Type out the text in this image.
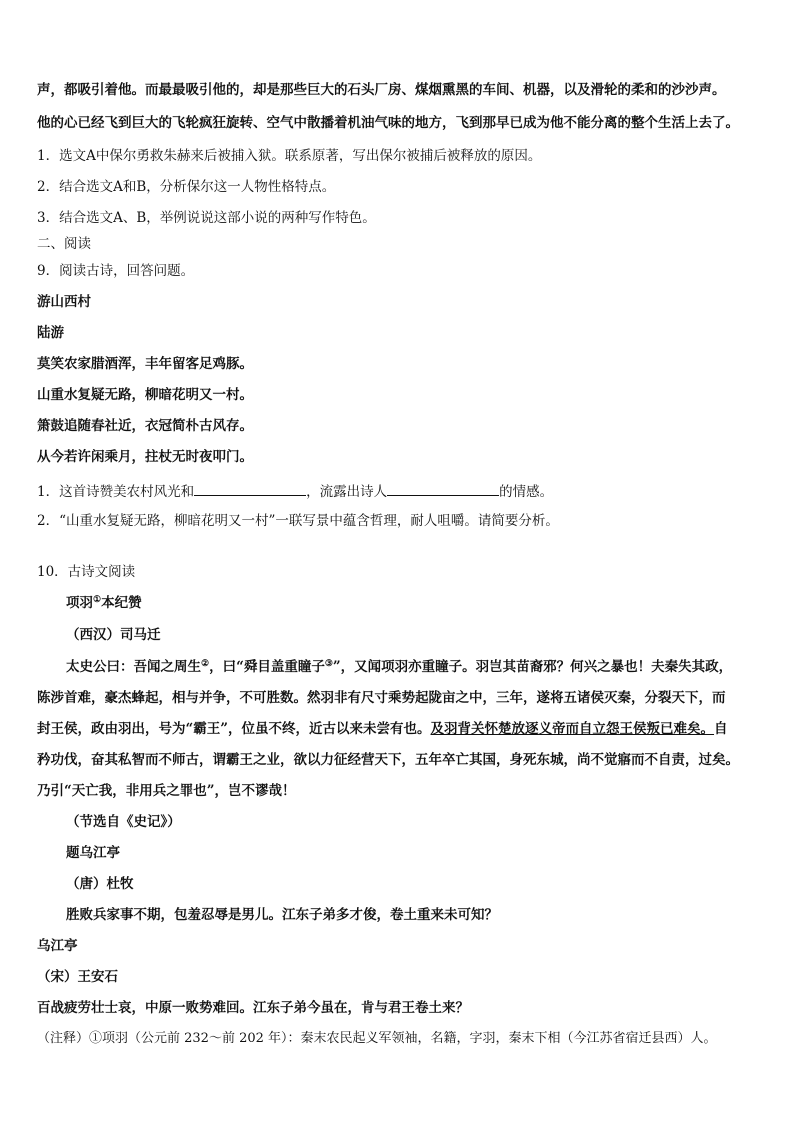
声，都吸引着他。而最最吸引他的，却是那些巨大的石头厂房、煤烟熏黑的车间、机器，以及滑轮的柔和的沙沙声。
他的心已经飞到巨大的飞轮疯狂旋转、空气中散播着机油气味的地方，飞到那早已成为他不能分离的整个生活上去了。
1．选文A中保尔勇救朱赫来后被捕入狱。联系原著，写出保尔被捕后被释放的原因。
2．结合选文A和B，分析保尔这一人物性格特点。
3．结合选文A、B，举例说说这部小说的两种写作特色。
二、阅读
9．阅读古诗，回答问题。
游山西村
陆游
莫笑农家腊酒浑，丰年留客足鸡豚。
山重水复疑无路，柳暗花明又一村。
箫鼓追随春社近，衣冠简朴古风存。
从今若许闲乘月，拄杖无时夜叩门。
1．这首诗赞美农村风光和	，流露出诗人	的情感。
2．“山重水复疑无路，柳暗花明又一村”一联写景中蕴含哲理，耐人咀嚼。请简要分析。
10．古诗文阅读
项羽①本纪赞
（西汉）司马迁
太史公曰：吾闻之周生②，曰“舜目盖重瞳子③”，又闻项羽亦重瞳子。羽岂其苗裔邪？何兴之暴也！夫秦失其政，
陈涉首难，豪杰蜂起，相与并争，不可胜数。然羽非有尺寸乘势起陇亩之中，三年，遂将五诸侯灭秦，分裂天下，而
封王侯，政由羽出，号为“霸王”，位虽不终，近古以来未尝有也。及羽背关怀楚放逐义帝而自立怨王侯叛已难矣。自
矜功伐，奋其私智而不师古，谓霸王之业，欲以力征经营天下，五年卒亡其国，身死东城，尚不觉寤而不自责，过矣。
乃引“天亡我，非用兵之罪也”，岂不谬哉！
（节选自《史记》）
题乌江亭
（唐）杜牧
胜败兵家事不期，包羞忍辱是男儿。江东子弟多才俊，卷土重来未可知？
乌江亭
（宋）王安石
百战疲劳壮士哀，中原一败势难回。江东子弟今虽在，肯与君王卷土来？
（注释）①项羽（公元前 232～前 202 年）：秦末农民起义军领袖，名籍，字羽，秦末下相（今江苏省宿迁县西）人。
